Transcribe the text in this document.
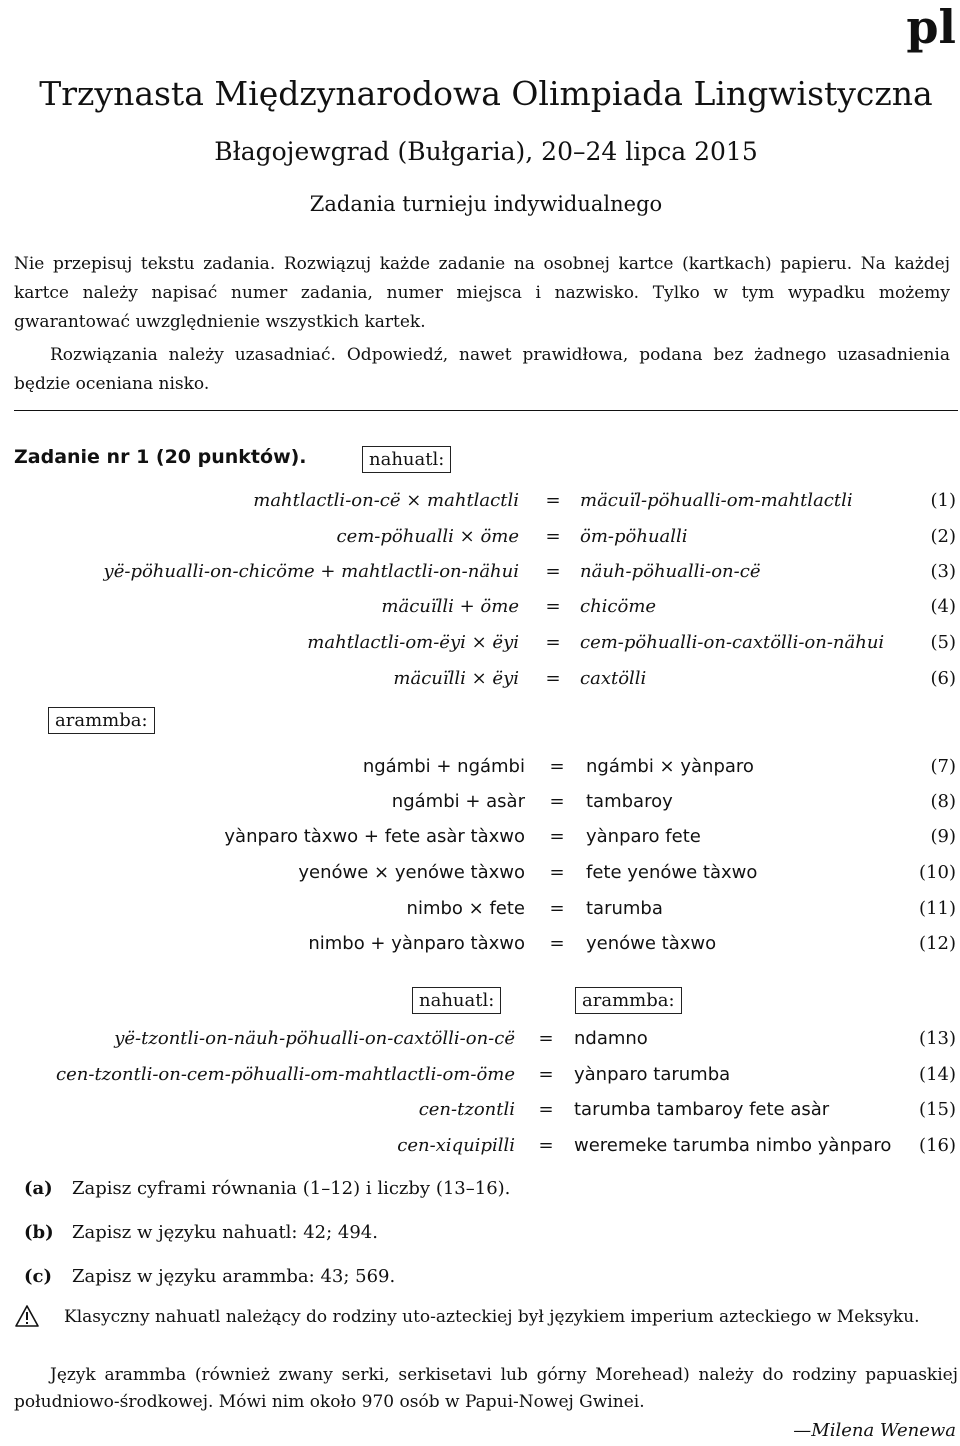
pl
Trzynasta Międzynarodowa Olimpiada Lingwistyczna
Błagojewgrad (Bułgaria), 20–24 lipca 2015
Zadania turnieju indywidualnego

Nie przepisuj tekstu zadania. Rozwiązuj każde zadanie na osobnej kartce (kartkach) papieru. Na każdej kartce należy napisać numer zadania, numer miejsca i nazwisko. Tylko w tym wypadku możemy gwarantować uwzględnienie wszystkich kartek.

Rozwiązania należy uzasadniać. Odpowiedź, nawet prawidłowa, podana bez żadnego uzasadnienia będzie oceniana nisko.

Zadanie nr 1 (20 punktów).	nahuatl:
arammba:
mahtlactli-on-cë × mahtlactli	=	mäcuïl-pöhualli-om-mahtlactli	(1)
cem-pöhualli × öme	=	öm-pöhualli	(2)
yë-pöhualli-on-chicöme + mahtlactli-on-nähui	=	näuh-pöhualli-on-cë	(3)
mäcuïlli + öme	=	chicöme	(4)
mahtlactli-om-ëyi × ëyi	=	cem-pöhualli-on-caxtölli-on-nähui	(5)
mäcuïlli × ëyi	=	caxtölli	(6)
ngámbi + ngámbi	=	ngámbi × yànparo	(7)
ngámbi + asàr	=	tambaroy	(8)
yànparo tàxwo + fete asàr tàxwo	=	yànparo fete	(9)
yenówe × yenówe tàxwo	=	fete yenówe tàxwo	(10)
nimbo × fete	=	tarumba	(11)
nimbo + yànparo tàxwo	=	yenówe tàxwo	(12)
nahuatl:	arammba:
yë-tzontli-on-näuh-pöhualli-on-caxtölli-on-cë	=	ndamno	(13)
cen-tzontli-on-cem-pöhualli-om-mahtlactli-om-öme	=	yànparo tarumba	(14)
cen-tzontli	=	tarumba tambaroy fete asàr	(15)
cen-xiquipilli	=	weremeke tarumba nimbo yànparo (16)
(a) Zapisz cyframi równania (1–12) i liczby (13–16).
(b) Zapisz w języku nahuatl: 42; 494.
(c) Zapisz w języku arammba: 43; 569.

Klasyczny nahuatl należący do rodziny uto-azteckiej był językiem imperium azteckiego w Meksyku.

Język arammba (również zwany serki, serkisetavi lub górny Morehead) należy do rodziny papuaskiej południowo-środkowej. Mówi nim około 970 osób w Papui-Nowej Gwinei.

—Milena Wenewa
